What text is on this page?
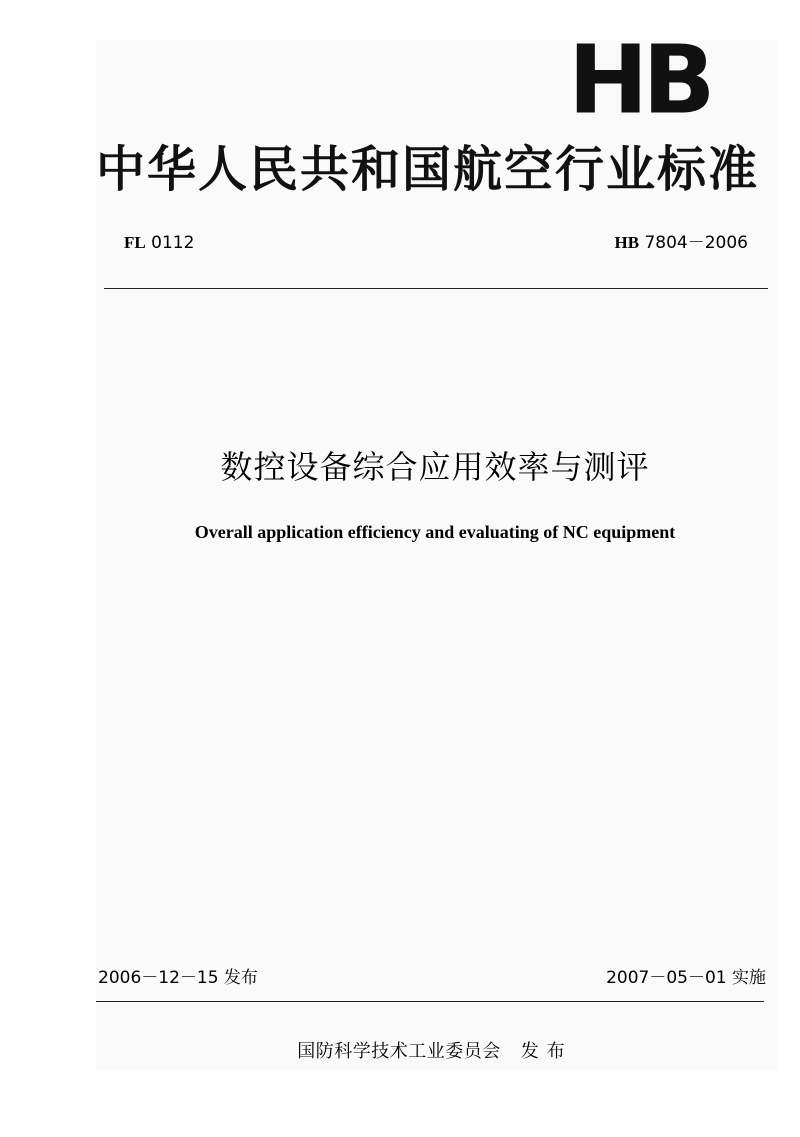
HB
中华人民共和国航空行业标准
FL 0112	HB 7804－2006
数控设备综合应用效率与测评
Overall application efficiency and evaluating of NC equipment
2006－12－15 发布	2007－05－01 实施
国防科学技术工业委员会 发布
